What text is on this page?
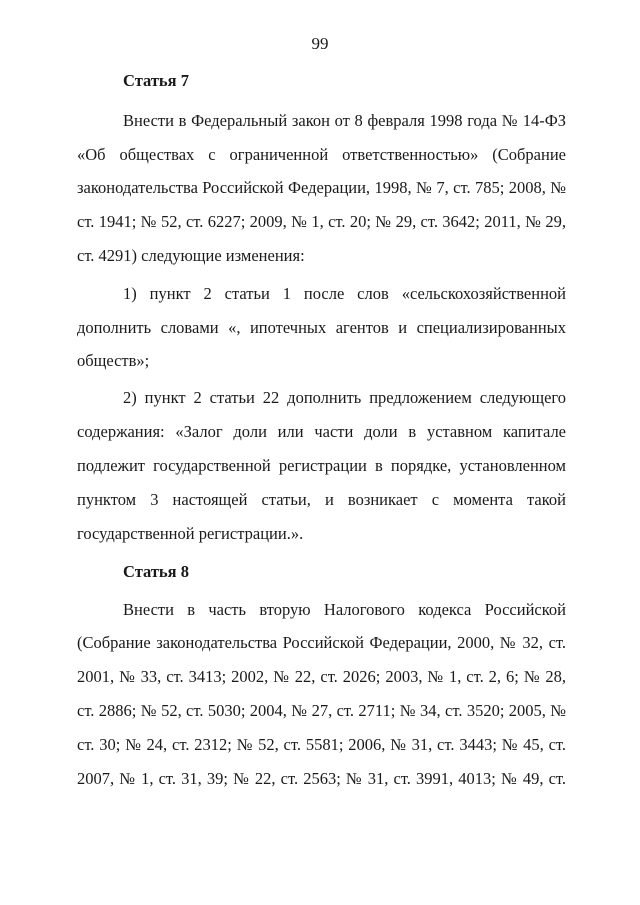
99
Статья 7
Внести в Федеральный закон от 8 февраля 1998 года № 14-ФЗ
«Об обществах с ограниченной ответственностью» (Собрание
законодательства Российской Федерации, 1998, № 7, ст. 785; 2008, №
ст. 1941; № 52, ст. 6227; 2009, № 1, ст. 20; № 29, ст. 3642; 2011, № 29,
ст. 4291) следующие изменения:
1) пункт 2 статьи 1 после слов «сельскохозяйственной
дополнить словами «, ипотечных агентов и специализированных
обществ»;
2) пункт 2 статьи 22 дополнить предложением следующего
содержания: «Залог доли или части доли в уставном капитале
подлежит государственной регистрации в порядке, установленном
пунктом 3 настоящей статьи, и возникает с момента такой
государственной регистрации.».
Статья 8
Внести в часть вторую Налогового кодекса Российской
(Собрание законодательства Российской Федерации, 2000, № 32, ст.
2001, № 33, ст. 3413; 2002, № 22, ст. 2026; 2003, № 1, ст. 2, 6; № 28,
ст. 2886; № 52, ст. 5030; 2004, № 27, ст. 2711; № 34, ст. 3520; 2005, №
ст. 30; № 24, ст. 2312; № 52, ст. 5581; 2006, № 31, ст. 3443; № 45, ст.
2007, № 1, ст. 31, 39; № 22, ст. 2563; № 31, ст. 3991, 4013; № 49, ст.
